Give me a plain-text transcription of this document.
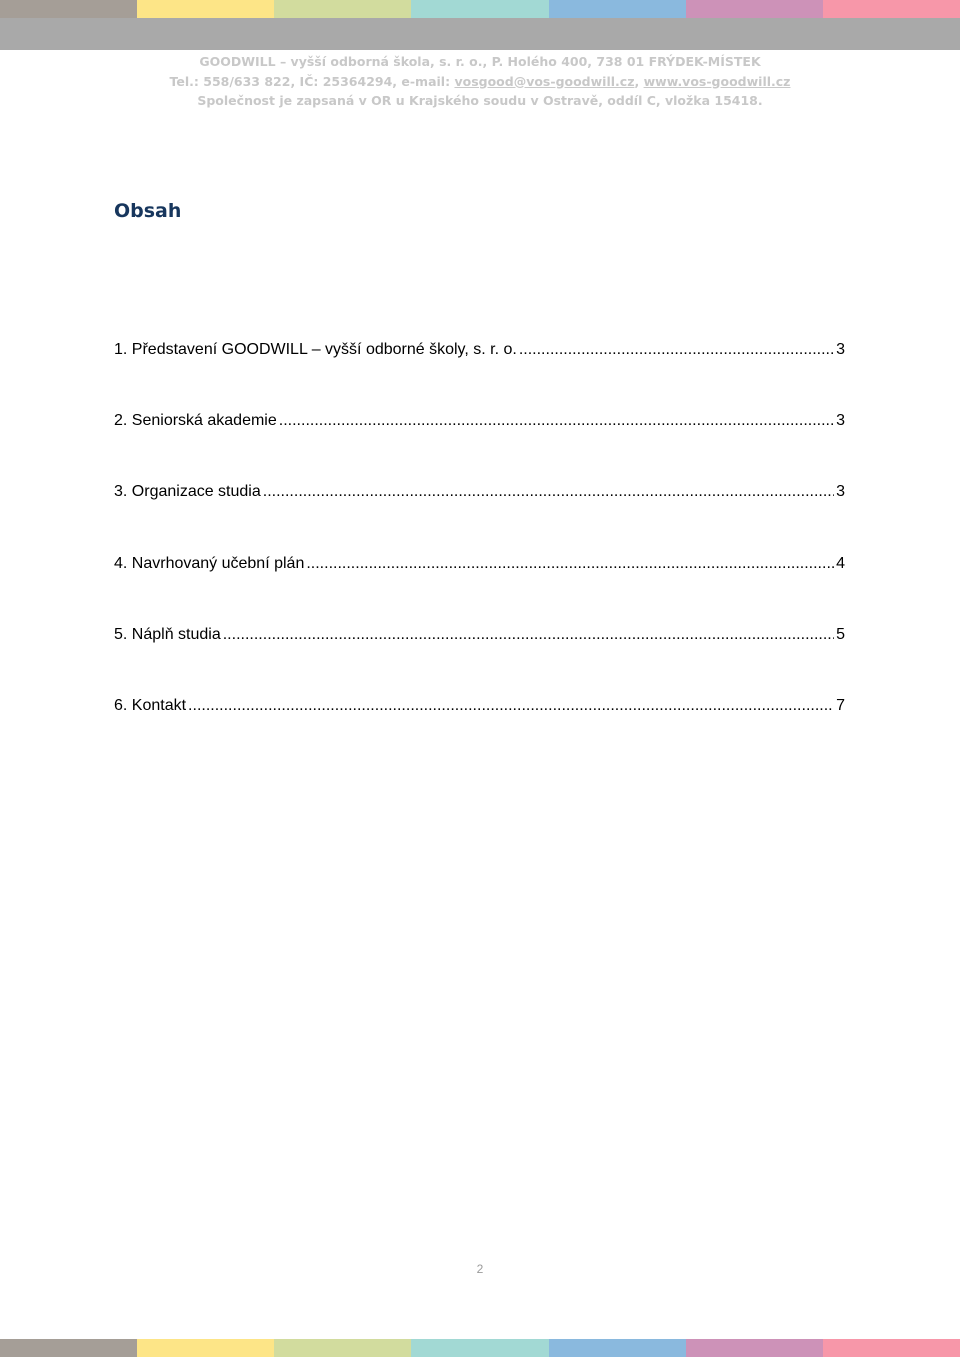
GOODWILL – vyšší odborná škola, s. r. o., P. Holého 400, 738 01 FRÝDEK-MÍSTEK
Tel.: 558/633 822, IČ: 25364294, e-mail: vosgood@vos-goodwill.cz, www.vos-goodwill.cz
Společnost je zapsaná v OR u Krajského soudu v Ostravě, oddíl C, vložka 15418.
Obsah
1. Představení GOODWILL – vyšší odborné školy, s. r. o. .....	3
2. Seniorská akademie .....	3
3. Organizace studia .....	3
4. Navrhovaný učební plán .....	4
5. Náplň studia .....	5
6. Kontakt .....	7
2
